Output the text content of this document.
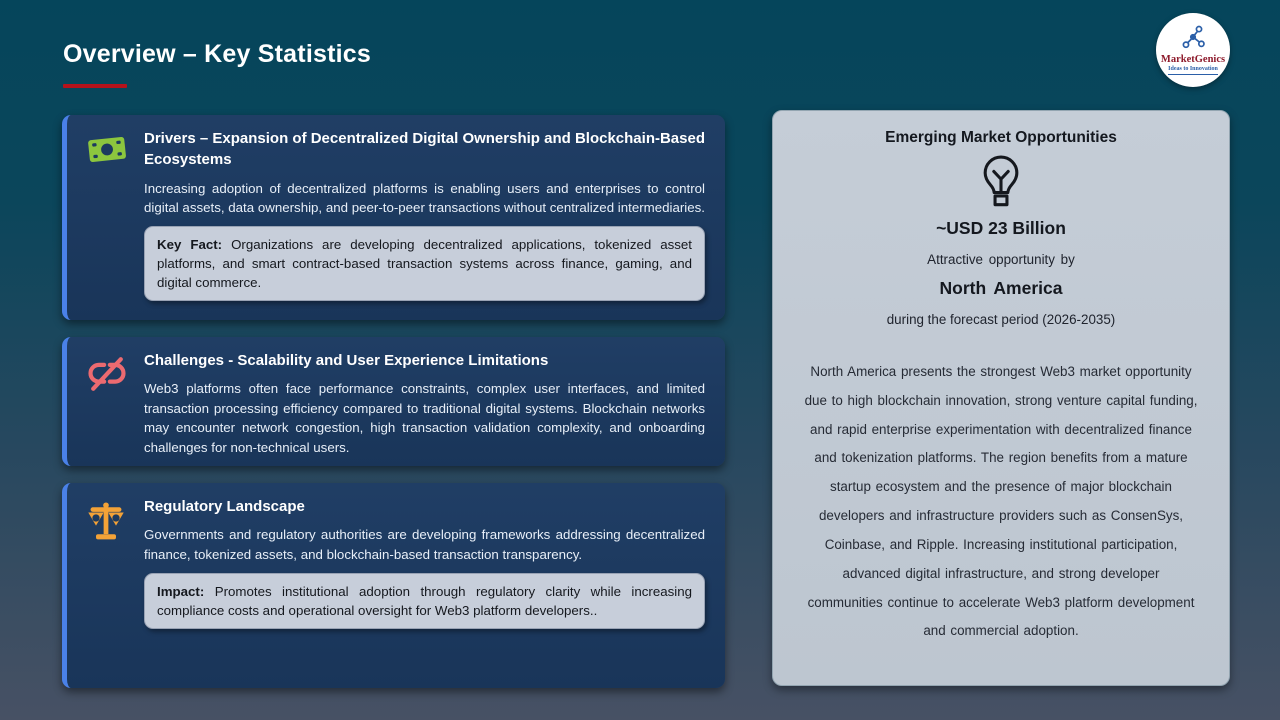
Overview – Key Statistics	MarketGenics
Ideas to Innovation
Drivers – Expansion of Decentralized Digital Ownership and Blockchain-Based Ecosystems

Increasing adoption of decentralized platforms is enabling users and enterprises to control digital assets, data ownership, and peer-to-peer transactions without centralized intermediaries.

Key Fact: Organizations are developing decentralized applications, tokenized asset platforms, and smart contract-based transaction systems across finance, gaming, and digital commerce.

Challenges - Scalability and User Experience Limitations

Web3 platforms often face performance constraints, complex user interfaces, and limited transaction processing efficiency compared to traditional digital systems. Blockchain networks may encounter network congestion, high transaction validation complexity, and onboarding challenges for non-technical users.

Regulatory Landscape

Governments and regulatory authorities are developing frameworks addressing decentralized finance, tokenized assets, and blockchain-based transaction transparency.

Impact: Promotes institutional adoption through regulatory clarity while increasing compliance costs and operational oversight for Web3 platform developers..

Emerging Market Opportunities

~USD 23 Billion

Attractive opportunity by

North America

during the forecast period (2026-2035)

North America presents the strongest Web3 market opportunity due to high blockchain innovation, strong venture capital funding, and rapid enterprise experimentation with decentralized finance and tokenization platforms. The region benefits from a mature startup ecosystem and the presence of major blockchain developers and infrastructure providers such as ConsenSys, Coinbase, and Ripple. Increasing institutional participation, advanced digital infrastructure, and strong developer communities continue to accelerate Web3 platform development and commercial adoption.
